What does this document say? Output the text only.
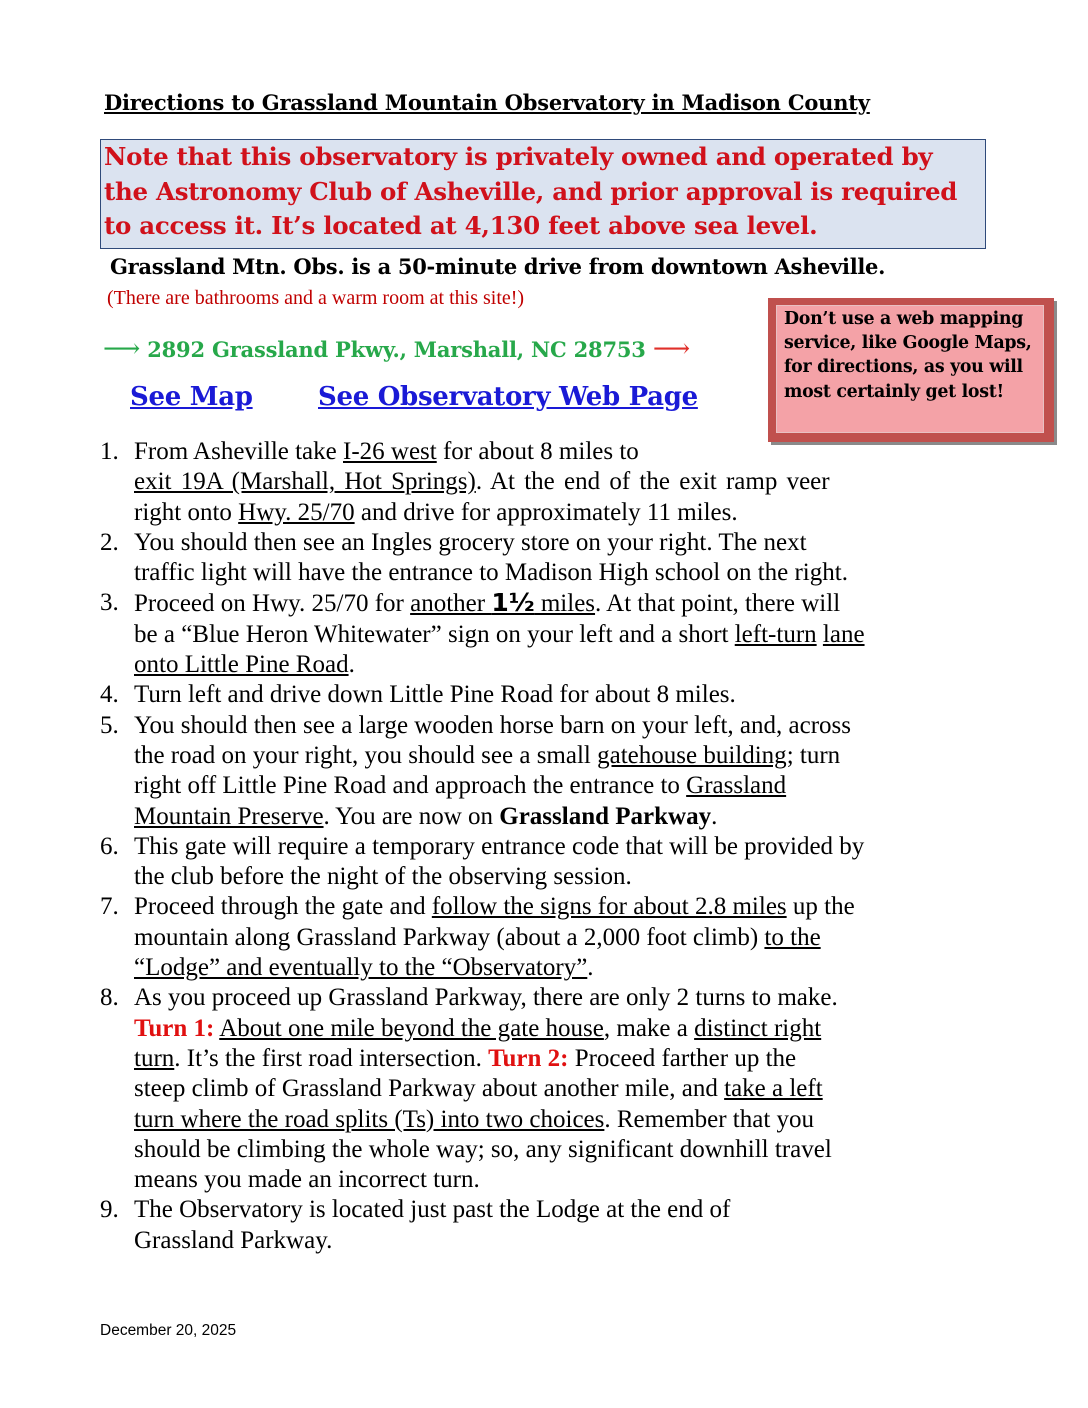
Directions to Grassland Mountain Observatory in Madison County
Note that this observatory is privately owned and operated by the Astronomy Club of Asheville, and prior approval is required to access it. It’s located at 4,130 feet above sea level.
Grassland Mtn. Obs. is a 50-minute drive from downtown Asheville.
(There are bathrooms and a warm room at this site!)
⟶ 2892 Grassland Pkwy., Marshall, NC 28753 ⟶
See Map	See Observatory Web Page
Don’t use a web mapping service, like Google Maps, for directions, as you will most certainly get lost!
1. From Asheville take I-26 west for about 8 miles to
exit 19A (Marshall, Hot Springs). At the end of the exit ramp veer
right onto Hwy. 25/70 and drive for approximately 11 miles.
2. You should then see an Ingles grocery store on your right. The next
traffic light will have the entrance to Madison High school on the right.
3. Proceed on Hwy. 25/70 for another 1½ miles. At that point, there will
be a “Blue Heron Whitewater” sign on your left and a short left-turn lane
onto Little Pine Road.
4. Turn left and drive down Little Pine Road for about 8 miles.
5. You should then see a large wooden horse barn on your left, and, across
the road on your right, you should see a small gatehouse building; turn
right off Little Pine Road and approach the entrance to Grassland
Mountain Preserve. You are now on Grassland Parkway.
6. This gate will require a temporary entrance code that will be provided by
the club before the night of the observing session.
7. Proceed through the gate and follow the signs for about 2.8 miles up the
mountain along Grassland Parkway (about a 2,000 foot climb) to the
“Lodge” and eventually to the “Observatory”.
8. As you proceed up Grassland Parkway, there are only 2 turns to make.
Turn 1: About one mile beyond the gate house, make a distinct right
turn. It’s the first road intersection. Turn 2: Proceed farther up the
steep climb of Grassland Parkway about another mile, and take a left
turn where the road splits (Ts) into two choices. Remember that you
should be climbing the whole way; so, any significant downhill travel
means you made an incorrect turn.
9. The Observatory is located just past the Lodge at the end of
Grassland Parkway.
December 20, 2025
